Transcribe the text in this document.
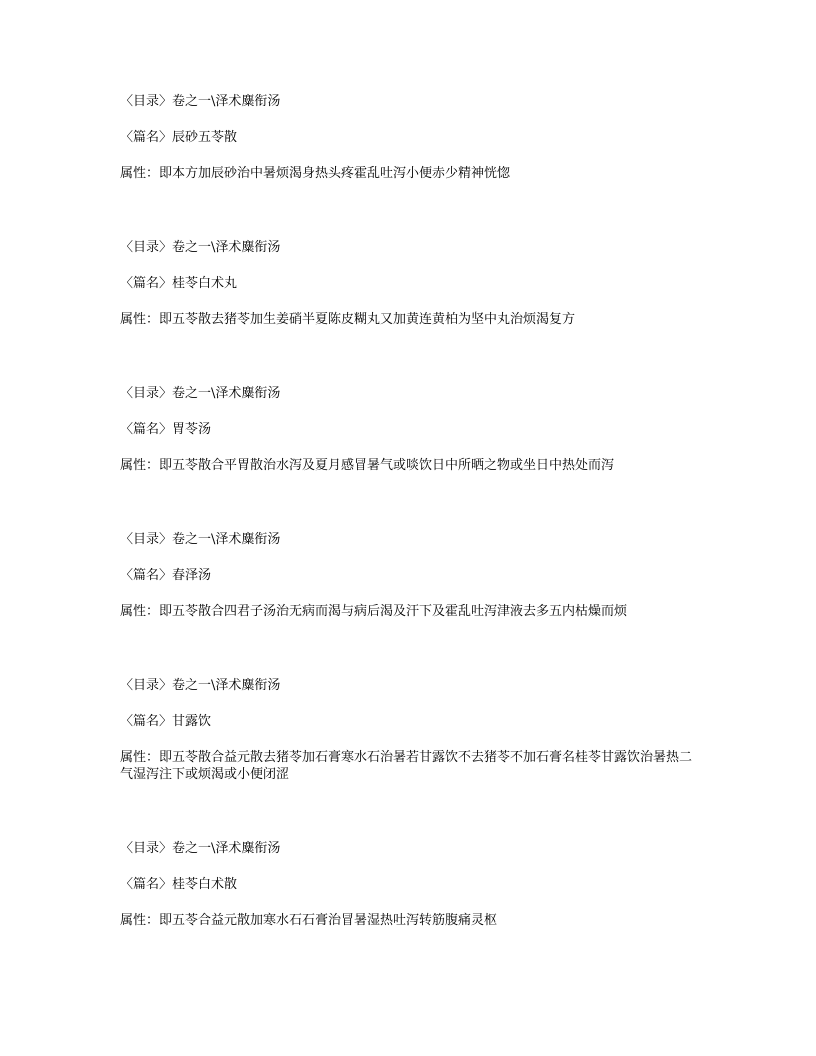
〈目录〉卷之一\泽术麋衔汤

〈篇名〉辰砂五苓散

属性：即本方加辰砂治中暑烦渴身热头疼霍乱吐泻小便赤少精神恍惚

〈目录〉卷之一\泽术麋衔汤

〈篇名〉桂苓白术丸

属性：即五苓散去猪苓加生姜硝半夏陈皮糊丸又加黄连黄柏为坚中丸治烦渴复方

〈目录〉卷之一\泽术麋衔汤

〈篇名〉胃苓汤

属性：即五苓散合平胃散治水泻及夏月感冒暑气或啖饮日中所晒之物或坐日中热处而泻

〈目录〉卷之一\泽术麋衔汤

〈篇名〉春泽汤

属性：即五苓散合四君子汤治无病而渴与病后渴及汗下及霍乱吐泻津液去多五内枯燥而烦

〈目录〉卷之一\泽术麋衔汤

〈篇名〉甘露饮

属性：即五苓散合益元散去猪苓加石膏寒水石治暑若甘露饮不去猪苓不加石膏名桂苓甘露饮治暑热二气湿泻注下或烦渴或小便闭涩

〈目录〉卷之一\泽术麋衔汤

〈篇名〉桂苓白术散

属性：即五苓合益元散加寒水石石膏治冒暑湿热吐泻转筋腹痛灵枢
